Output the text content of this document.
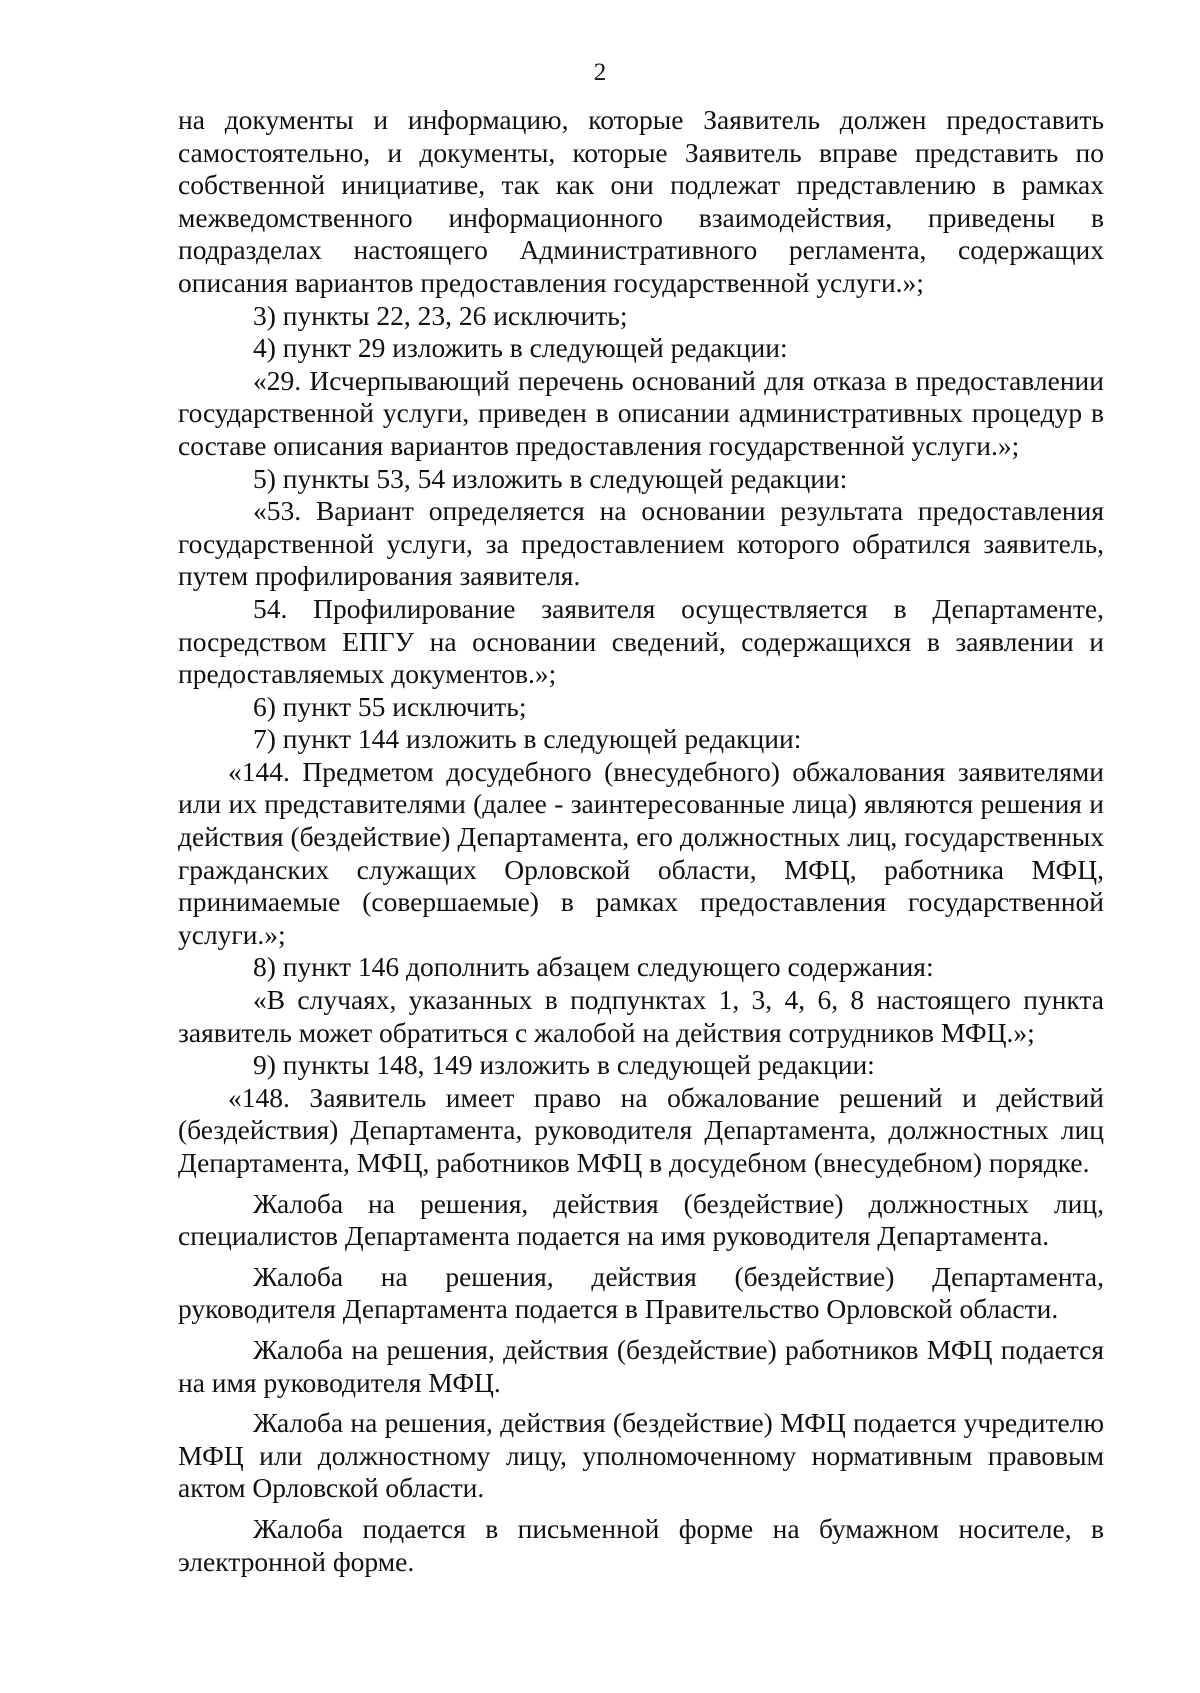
2

на документы и информацию, которые Заявитель должен предоставить самостоятельно, и документы, которые Заявитель вправе представить по собственной инициативе, так как они подлежат представлению в рамках межведомственного информационного взаимодействия, приведены в подразделах настоящего Административного регламента, содержащих описания вариантов предоставления государственной услуги.»;

3) пункты 22, 23, 26 исключить;

4) пункт 29 изложить в следующей редакции:

«29. Исчерпывающий перечень оснований для отказа в предоставлении государственной услуги, приведен в описании административных процедур в составе описания вариантов предоставления государственной услуги.»;

5) пункты 53, 54 изложить в следующей редакции:

«53. Вариант определяется на основании результата предоставления государственной услуги, за предоставлением которого обратился заявитель, путем профилирования заявителя.

54. Профилирование заявителя осуществляется в Департаменте, посредством ЕПГУ на основании сведений, содержащихся в заявлении и предоставляемых документов.»;

6) пункт 55 исключить;

7) пункт 144 изложить в следующей редакции:

«144. Предметом досудебного (внесудебного) обжалования заявителями или их представителями (далее - заинтересованные лица) являются решения и действия (бездействие) Департамента, его должностных лиц, государственных гражданских служащих Орловской области, МФЦ, работника МФЦ, принимаемые (совершаемые) в рамках предоставления государственной услуги.»;

8) пункт 146 дополнить абзацем следующего содержания:

«В случаях, указанных в подпунктах 1, 3, 4, 6, 8 настоящего пункта заявитель может обратиться с жалобой на действия сотрудников МФЦ.»;

9) пункты 148, 149 изложить в следующей редакции:

«148. Заявитель имеет право на обжалование решений и действий (бездействия) Департамента, руководителя Департамента, должностных лиц Департамента, МФЦ, работников МФЦ в досудебном (внесудебном) порядке.

Жалоба на решения, действия (бездействие) должностных лиц, специалистов Департамента подается на имя руководителя Департамента.

Жалоба на решения, действия (бездействие) Департамента, руководителя Департамента подается в Правительство Орловской области.

Жалоба на решения, действия (бездействие) работников МФЦ подается на имя руководителя МФЦ.

Жалоба на решения, действия (бездействие) МФЦ подается учредителю МФЦ или должностному лицу, уполномоченному нормативным правовым актом Орловской области.

Жалоба подается в письменной форме на бумажном носителе, в электронной форме.
